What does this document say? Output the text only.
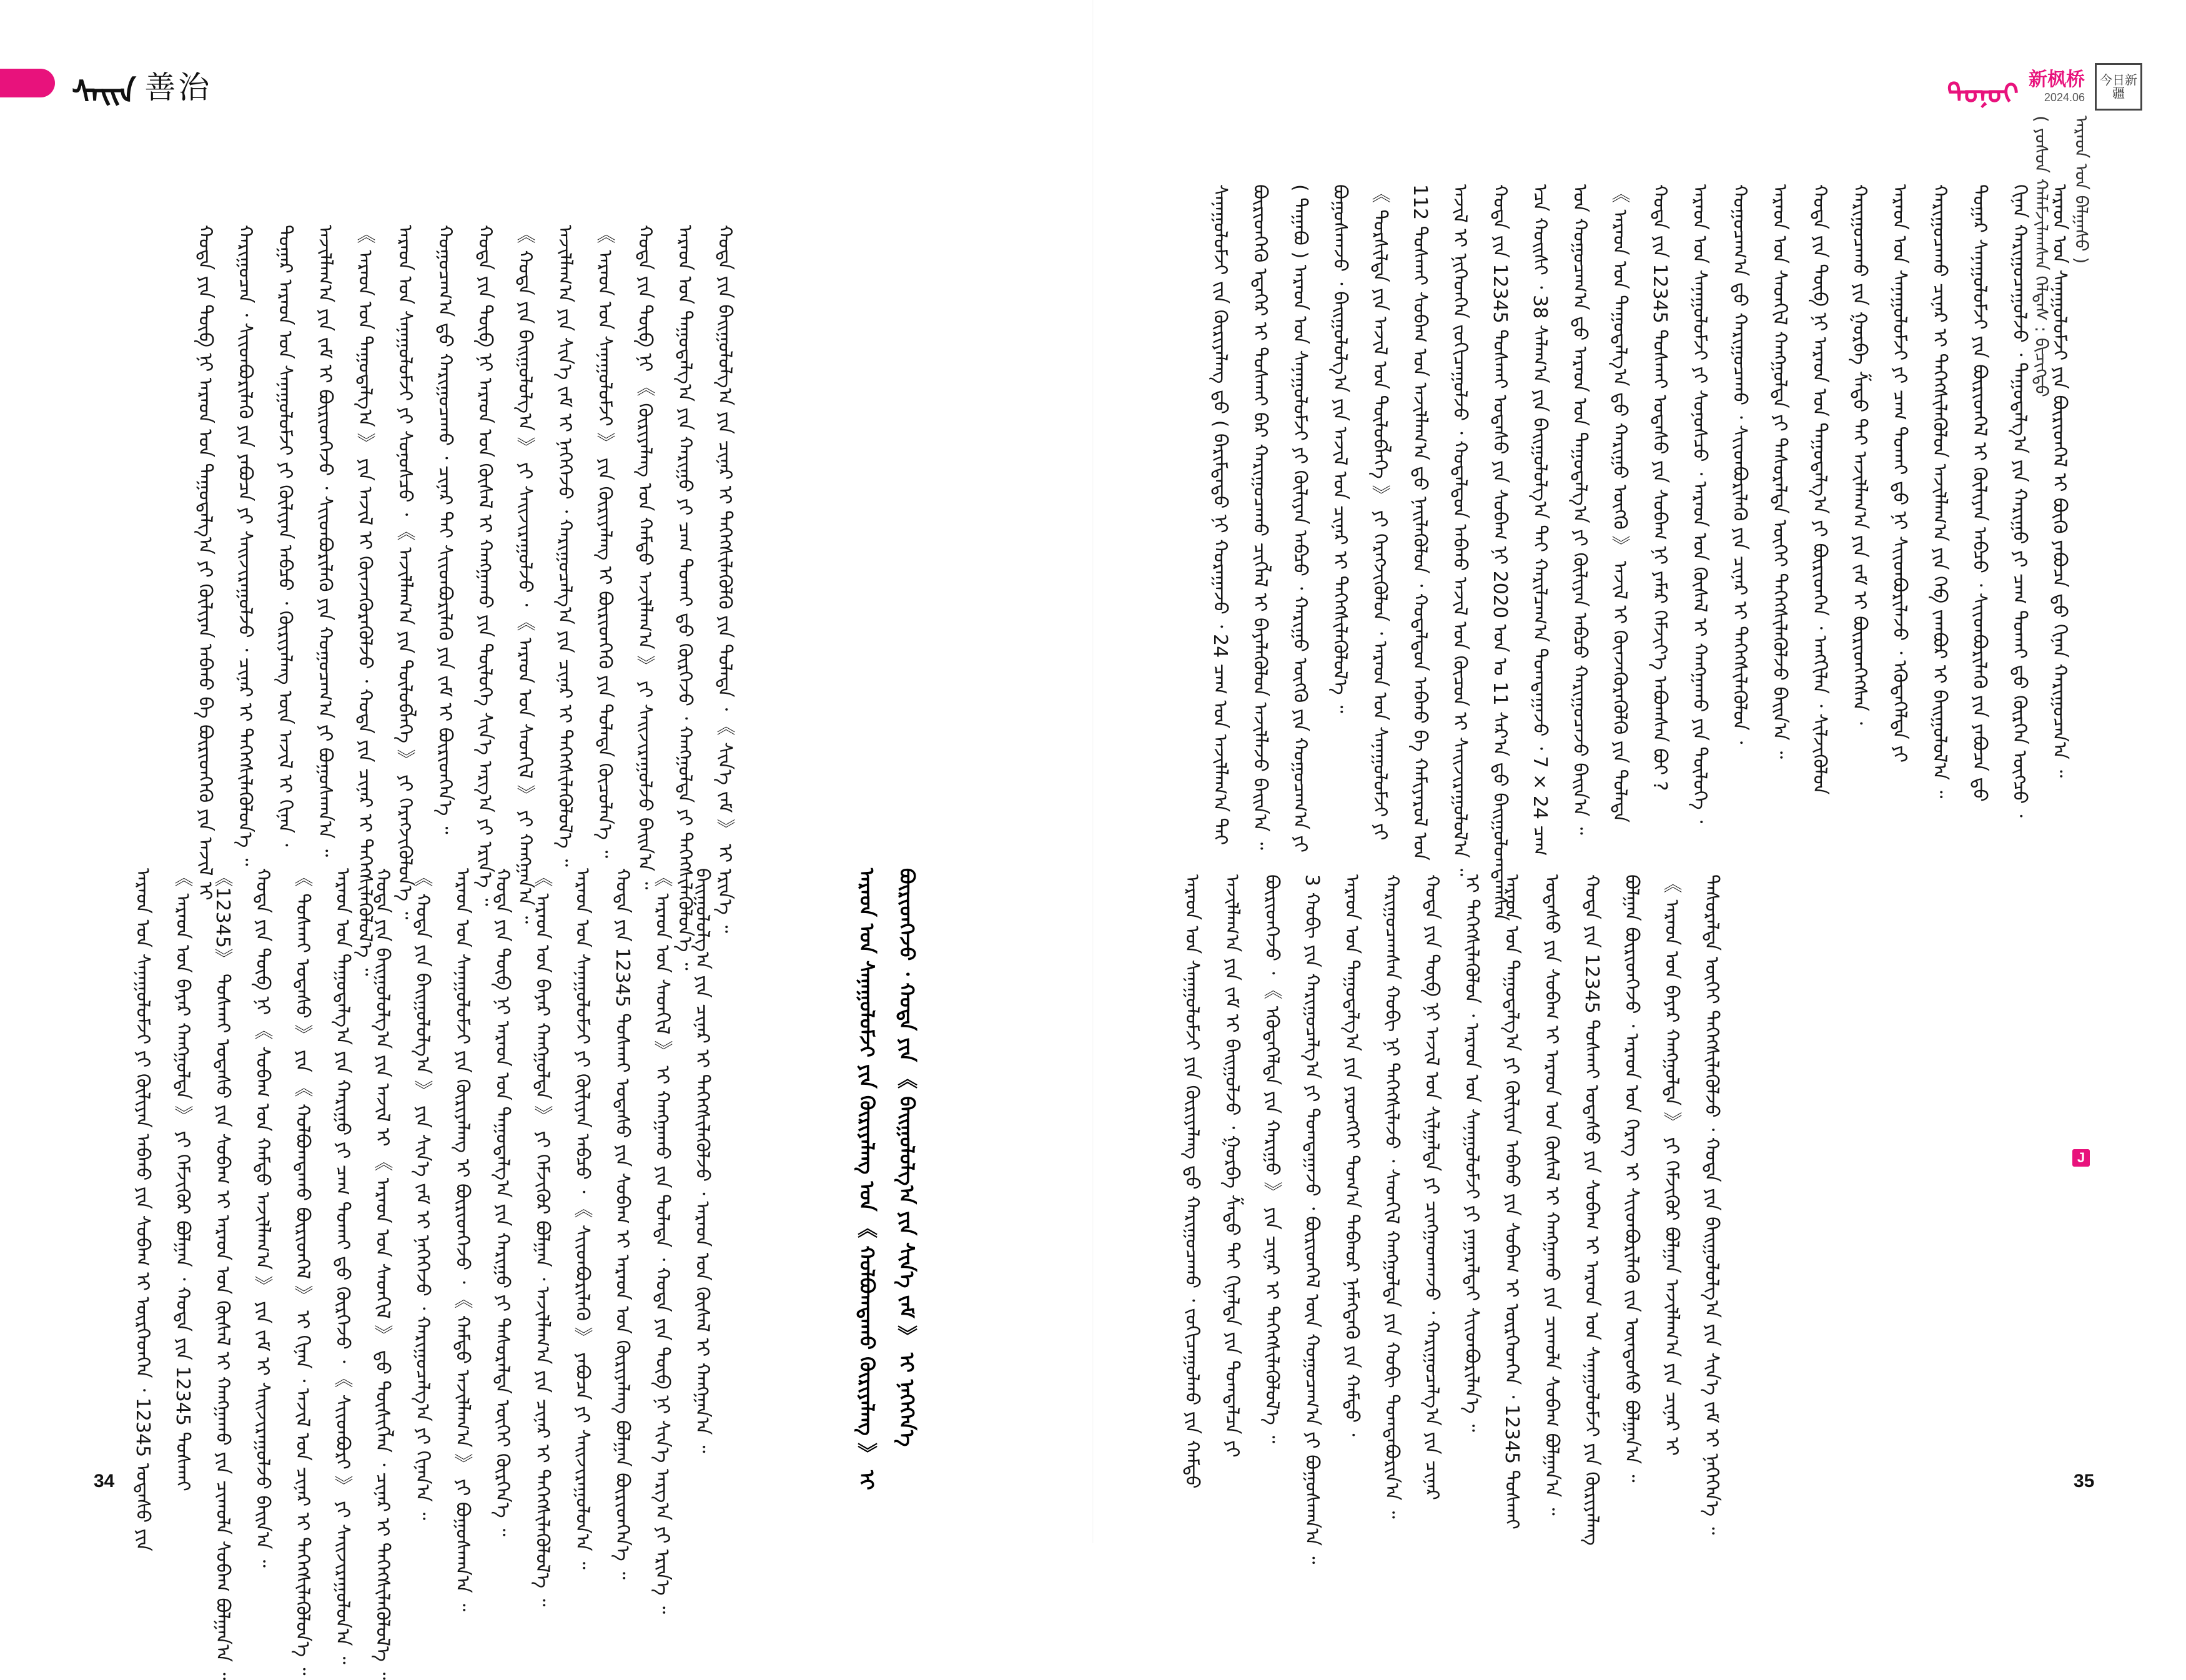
ᠰᠠᠢᠨ 善治	ᠳᠤᠨᠤᠢ 新枫桥
2024.06
今日新疆
( ᠶᠣᠰᠣᠨ ᠬᠠᠯᠠᠮᠵᠢᠯᠠᠭᠰᠠᠨ ᠬᠡᠯᠳᠡᠰ : ᠪᠢᠴᠢᠭ᠌ᠳᠦ ᠠᠷᠠᠳ ᠤᠨ ᠪᠠᠯᠭᠠᠰᠤ )
J
ᠰᠠᠨᠠᠭᠤᠯᠤᠮᠵᠢ ᠵᠢᠨ ᠬᠦᠷᠢᠶᠡᠯᠡᠩ ᠳ᠋ᠤ ( ᠪᠠᠷᠢᠮᠲᠠᠳᠤ ᠨᠢ ᠬᠤᠷᠠᠭᠠᠵᠤ ᠂ 24 ᠴᠠᠭ ᠤᠨ ᠠᠵᠢᠯᠯᠠᠭ᠎ᠠ ᠲᠠᠢ ᠪᠦᠷᠢᠳᠬᠡᠬᠦ ᠡᠳᠡᠭᠡᠷ ᠢ ᠲᠤᠰᠬᠠᠢ ᠪᠡᠷ ᠬᠠᠷᠢᠭᠤᠴᠠᠬᠤ ᠴᠢᠭᠯᠡᠯ ᠢ ᠪᠡᠶᠡᠯᠡᠭᠦᠯᠦᠨ ᠠᠵᠢᠯᠯᠠᠵᠤ ᠪᠠᠢᠨ᠎ᠠ ᠃ ( ᠲᠠᠭᠠᠪᠤ ) ᠠᠷᠠᠳ ᠤᠨ ᠰᠠᠨᠠᠭᠤᠯᠤᠮᠵᠢ ᠶᠢ ᠬᠦᠯᠢᠶᠡᠨ ᠠᠪᠴᠤ ᠂ ᠬᠠᠷᠢᠭᠤ ᠦᠭᠬᠦ ᠶᠢᠨ ᠬᠤᠭᠤᠴᠠᠭ᠎ᠠ ᠶᠢ ᠪᠤᠭᠤᠰᠬᠠᠵᠤ ᠂ ᠪᠠᠢᠭᠤᠯᠤᠯᠭ᠎ᠠ ᠶᠢᠨ ᠠᠵᠢᠯ ᠤᠨ ᠴᠢᠨᠠᠷ ᠢ ᠳᠡᠭᠡᠭᠰᠢᠯᠡᠭᠦᠯᠦᠯ᠎ᠡ ᠃ 《 ᠲᠤᠷᠰᠢᠯᠲᠠ ᠶᠢᠨ ᠠᠵᠢᠯ ᠤᠨ ᠲᠦᠯᠦᠪᠯᠡᠭᠡ 》 ᠶᠢ ᠬᠡᠷᠡᠭᠵᠢᠭᠦᠯᠦᠨ ᠂ ᠠᠷᠠᠳ ᠤᠨ ᠰᠠᠨᠠᠭᠤᠯᠤᠮᠵᠢ ᠶᠢ 112 ᠲᠤᠰᠬᠠᠢ ᠰᠤᠪᠠᠭ ᠤᠨ ᠠᠵᠢᠯᠯᠠᠭ᠎ᠠ ᠳ᠋ᠤ ᠨᠡᠢᠯᠡᠭᠦᠯᠦᠨ ᠂ ᠬᠤᠳᠠᠯᠳᠤᠨ ᠠᠪᠬᠤ ᠪᠠ ᠬᠠᠮᠢᠶᠠᠷᠤᠯ ᠤᠨ ᠠᠵᠢᠯ ᠢ ᠨᠢᠭᠡᠳᠬᠡᠨ ᠵᠣᠬᠢᠴᠠᠭᠤᠯᠵᠤ ᠂ ᠬᠤᠳᠠᠯᠳᠤᠨ ᠠᠪᠬᠤ ᠠᠵᠢᠯ ᠤᠨ ᠬᠦᠴᠦᠨ ᠢ ᠰᠠᠢᠵᠢᠷᠠᠭᠤᠯᠤᠯ᠎ᠠ ᠃ ᠬᠤᠲᠠ ᠶᠢᠨ 12345 ᠲᠤᠰᠬᠠᠢ ᠤᠲᠠᠰᠤ ᠶᠢᠨ ᠰᠤᠪᠠᠭ ᠨᠢ 2020 ᠤᠨ ᠤ 11 ᠰᠠᠷ᠎ᠠ ᠳ᠋ᠤ ᠪᠠᠢᠭᠤᠯᠤᠭᠳᠠᠭᠰᠠᠨ ᠡᠴᠡ ᠬᠤᠢᠰᠢ ᠂ 38 ᠰᠠᠯᠠᠭ᠎ᠠ ᠶᠢᠨ ᠪᠠᠢᠭᠤᠯᠤᠯᠭ᠎ᠠ ᠲᠠᠢ ᠬᠠᠷᠢᠯᠴᠠᠭ᠎ᠠ ᠲᠣᠭᠲᠠᠭᠠᠵᠤ ᠂ 7 × 24 ᠴᠠᠭ ᠤᠨ ᠬᠤᠭᠤᠴᠠᠭ᠎ᠠ ᠳ᠋ᠤ ᠠᠷᠠᠳ ᠤᠨ ᠳᠠᠭᠤᠳᠠᠯᠭ᠎ᠠ ᠶᠢ ᠬᠦᠯᠢᠶᠡᠨ ᠠᠪᠴᠤ ᠬᠠᠷᠢᠭᠤᠴᠠᠵᠤ ᠪᠠᠢᠨ᠎ᠠ ᠃ 《 ᠠᠷᠠᠳ ᠤᠨ ᠳᠠᠭᠤᠳᠠᠯᠭ᠎ᠠ ᠳ᠋ᠤ ᠬᠠᠷᠢᠭᠤ ᠦᠭᠬᠦ 》 ᠠᠵᠢᠯ ᠢ ᠭᠦᠨᠵᠡᠭᠦᠷᠡᠭᠦᠯᠬᠦ ᠶᠢᠨ ᠲᠤᠯᠠᠳᠠ ᠬᠤᠲᠠ ᠶᠢᠨ 12345 ᠲᠤᠰᠬᠠᠢ ᠤᠲᠠᠰᠤ ᠶᠢᠨ ᠰᠤᠪᠠᠭ ᠨᠢ ᠶᠠᠮᠠᠷ ᠬᠡᠮᠵᠢᠶ᠎ᠡ ᠠᠪᠤᠭᠰᠠᠨ ᠪᠤᠢ ? ᠠᠷᠠᠳ ᠤᠨ ᠰᠠᠨᠠᠭᠤᠯᠤᠮᠵᠢ ᠶᠢ ᠰᠣᠨᠤᠰᠴᠤ ᠂ ᠠᠷᠠᠳ ᠤᠨ ᠬᠦᠰᠡᠯ ᠢ ᠬᠠᠩᠭᠠᠬᠤ ᠶᠢᠨ ᠲᠥᠯᠥᠭᠡ ᠂ ᠬᠤᠭᠤᠴᠠᠭ᠎ᠠ ᠳ᠋ᠤ ᠬᠠᠷᠢᠭᠤᠴᠠᠬᠤ ᠂ ᠰᠢᠢᠳᠪᠦᠷᠢᠯᠡᠬᠦ ᠶᠢᠨ ᠴᠢᠨᠠᠷ ᠢ ᠳᠡᠭᠡᠭᠰᠢᠯᠡᠭᠦᠯᠦᠨ ᠂ ᠠᠷᠠᠳ ᠤᠨ ᠰᠡᠳᠬᠢᠯ ᠬᠠᠩᠭᠤᠯᠲᠠ ᠶᠢ ᠲᠠᠰᠤᠷᠠᠯᠲᠠ ᠦᠭᠡᠢ ᠳᠡᠭᠡᠭᠰᠢᠯᠡᠭᠦᠯᠵᠦ ᠪᠠᠢᠨ᠎ᠠ ᠃ ᠬᠤᠲᠠ ᠶᠢᠨ ᠲᠥᠪ ᠨᠢ ᠠᠷᠠᠳ ᠤᠨ ᠳᠠᠭᠤᠳᠠᠯᠭ᠎ᠠ ᠶᠢ ᠪᠦᠷᠢᠳᠬᠡᠨ ᠂ ᠠᠩᠭᠢᠯᠠᠨ ᠂ ᠰᠢᠯᠵᠢᠭᠦᠯᠦᠨ ᠬᠠᠷᠢᠭᠤᠴᠠᠬᠤ ᠶᠢᠨ ᠭᠤᠷᠪᠠ ᠱᠠᠲᠤ ᠲᠠᠢ ᠠᠵᠢᠯᠯᠠᠭ᠎ᠠ ᠶᠢᠨ ᠵᠠᠮ ᠢ ᠪᠦᠷᠢᠳᠬᠡᠭᠰᠡᠨ ᠂ ᠠᠷᠠᠳ ᠤᠨ ᠰᠠᠨᠠᠭᠤᠯᠤᠮᠵᠢ ᠶᠢ ᠴᠠᠭ ᠲᠤᠬᠠᠢ ᠳ᠋ᠤ ᠨᠢ ᠰᠢᠢᠳᠪᠦᠷᠢᠯᠡᠵᠦ ᠂ ᠡᠭᠦᠳᠡᠭᠡᠯᠲᠡ ᠶᠢ ᠬᠠᠷᠢᠭᠤᠴᠠᠬᠤ ᠴᠢᠨᠠᠷ ᠢ ᠳᠡᠭᠡᠭᠰᠢᠯᠡᠭᠦᠯᠦᠨ ᠠᠵᠢᠯᠯᠠᠭ᠎ᠠ ᠶᠢᠨ ᠬᠡᠪ ᠵᠠᠭᠪᠤᠷ ᠢ ᠪᠠᠢᠭᠤᠯᠤᠯ᠎ᠠ ᠃ ᠳᠤᠭᠠᠷ ᠰᠠᠨᠠᠭᠤᠯᠤᠮᠵᠢ ᠶᠢᠨ ᠪᠦᠷᠢᠳᠬᠡᠯ ᠢ ᠬᠦᠯᠢᠶᠡᠨ ᠠᠪᠴᠤ ᠂ ᠰᠢᠢᠳᠪᠦᠷᠢᠯᠡᠬᠦ ᠶᠢᠨ ᠶᠠᠪᠤᠴᠠ ᠳ᠋ᠤ ᠬᠢᠨᠠᠨ ᠬᠠᠷᠢᠭᠤᠴᠠᠭᠤᠯᠵᠤ ᠂ ᠳᠠᠭᠤᠳᠠᠯᠭ᠎ᠠ ᠶᠢᠨ ᠬᠠᠷᠢᠭᠤ ᠶᠢ ᠴᠠᠭ ᠲᠤᠬᠠᠢ ᠳ᠋ᠤ ᠬᠦᠷᠭᠡᠨ ᠦᠭᠴᠦ ᠂ ᠠᠷᠠᠳ ᠤᠨ ᠰᠠᠨᠠᠭᠤᠯᠤᠮᠵᠢ ᠶᠢᠨ ᠪᠦᠷᠢᠳᠬᠡᠯ ᠢ ᠪᠦᠬᠦ ᠶᠠᠪᠤᠴᠠ ᠳ᠋ᠤ ᠬᠢᠨᠠᠨ ᠬᠠᠷᠢᠭᠤᠴᠠᠨ᠎ᠠ ᠃
ᠠᠷᠠᠳ ᠤᠨ ᠰᠠᠨᠠᠭᠤᠯᠤᠮᠵᠢ ᠶᠢᠨ ᠬᠦᠷᠢᠶᠡᠯᠡᠩ ᠳ᠋ᠤ ᠬᠠᠷᠢᠭᠤᠴᠠᠬᠤ ᠂ ᠵᠣᠬᠢᠴᠠᠭᠤᠯᠬᠤ ᠶᠢᠨ ᠬᠠᠮᠲᠤ ᠠᠵᠢᠯᠯᠠᠭ᠎ᠠ ᠶᠢᠨ ᠵᠠᠮ ᠢ ᠪᠠᠢᠭᠤᠯᠵᠤ ᠂ ᠭᠤᠷᠪᠠ ᠱᠠᠲᠤ ᠲᠠᠢ ᠬᠢᠨᠠᠯᠲᠠ ᠶᠢᠨ ᠲᠣᠭᠲᠠᠯᠴᠠ ᠶᠢ ᠪᠦᠷᠢᠳᠬᠡᠵᠦ ᠂ 《 ᠡᠭᠦᠳᠡᠭᠡᠯᠲᠡ ᠶᠢᠨ ᠬᠠᠷᠢᠭᠤ 》 ᠶᠢᠨ ᠴᠢᠨᠠᠷ ᠢ ᠳᠡᠭᠡᠭᠰᠢᠯᠡᠭᠦᠯᠦᠯ᠎ᠡ ᠃ 3 ᠬᠤᠪᠢ ᠶᠢᠨ ᠬᠠᠷᠢᠭᠤᠴᠠᠯᠭ᠎ᠠ ᠶᠢ ᠲᠣᠭᠲᠠᠭᠠᠵᠤ ᠂ ᠪᠦᠷᠢᠳᠬᠡᠯ ᠦᠨ ᠬᠤᠭᠤᠴᠠᠭ᠎ᠠ ᠶᠢ ᠪᠤᠭᠤᠰᠬᠠᠨ᠎ᠠ ᠃ ᠠᠷᠠᠳ ᠤᠨ ᠳᠠᠭᠤᠳᠠᠯᠭ᠎ᠠ ᠶᠢᠨ ᠶᠡᠷᠦᠩᠬᠡᠢ ᠲᠣᠭ᠎ᠠ ᠳᠠᠪᠬᠤᠷ ᠨᠡᠮᠡᠭᠳᠡᠬᠦ ᠶᠢᠨ ᠬᠠᠮᠲᠤ ᠂ ᠬᠠᠷᠢᠭᠤᠴᠠᠭᠰᠠᠨ ᠬᠤᠪᠢ ᠨᠢ ᠳᠡᠭᠡᠭᠰᠢᠯᠡᠵᠦ ᠂ ᠰᠡᠳᠬᠢᠯ ᠬᠠᠩᠭᠤᠯᠲᠠ ᠶᠢᠨ ᠬᠤᠪᠢ ᠲᠣᠭᠲᠠᠪᠤᠷᠢᠨ᠎ᠠ ᠃ ᠬᠤᠲᠠ ᠶᠢᠨ ᠲᠥᠪ ᠨᠢ ᠠᠵᠢᠯ ᠤᠨ ᠰᠢᠯᠭᠠᠯᠲᠠ ᠶᠢ ᠴᠢᠩᠭᠠᠳᠬᠠᠵᠤ ᠂ ᠬᠠᠷᠢᠭᠤᠴᠠᠯᠭ᠎ᠠ ᠶᠢᠨ ᠴᠢᠨᠠᠷ ᠢ ᠳᠡᠭᠡᠭᠰᠢᠯᠡᠭᠦᠯᠦᠨ ᠂ ᠠᠷᠠᠳ ᠤᠨ ᠰᠠᠨᠠᠭᠤᠯᠤᠮᠵᠢ ᠶᠢ ᠶᠠᠭᠠᠷᠠᠯᠲᠠᠢ ᠰᠢᠢᠳᠪᠦᠷᠢᠯᠡᠨ᠎ᠡ ᠃ ᠠᠷᠠᠳ ᠤᠨ ᠳᠠᠭᠤᠳᠠᠯᠭ᠎ᠠ ᠶᠢ ᠬᠦᠯᠢᠶᠡᠨ ᠠᠪᠬᠤ ᠶᠢᠨ ᠰᠤᠪᠠᠭ ᠢ ᠥᠷᠭᠡᠳᠬᠡᠨ ᠂ 12345 ᠲᠤᠰᠬᠠᠢ ᠤᠲᠠᠰᠤ ᠶᠢᠨ ᠰᠤᠪᠠᠭ ᠢ ᠠᠷᠠᠳ ᠤᠨ ᠬᠦᠰᠡᠯ ᠢ ᠬᠠᠩᠭᠠᠬᠤ ᠶᠢᠨ ᠴᠢᠬᠤᠯᠠ ᠰᠤᠪᠠᠭ ᠪᠣᠯᠭᠠᠨ᠎ᠠ ᠃ ᠬᠤᠲᠠ ᠶᠢᠨ 12345 ᠲᠤᠰᠬᠠᠢ ᠤᠲᠠᠰᠤ ᠶᠢᠨ ᠰᠤᠪᠠᠭ ᠢ ᠠᠷᠠᠳ ᠤᠨ ᠰᠠᠨᠠᠭᠤᠯᠤᠮᠵᠢ ᠶᠢᠨ ᠬᠦᠷᠢᠶᠡᠯᠡᠩ ᠪᠣᠯᠭᠠᠨ ᠪᠦᠷᠢᠳᠬᠡᠵᠦ ᠂ ᠠᠷᠠᠳ ᠤᠨ ᠬᠡᠷᠡᠭ ᠢ ᠰᠢᠢᠳᠪᠦᠷᠢᠯᠡᠬᠦ ᠵᠢᠨ ᠦᠨᠳᠦᠰᠦ ᠪᠣᠯᠭᠠᠨ᠎ᠠ ᠃ 《 ᠠᠷᠠᠳ ᠤᠨ ᠪᠠᠶᠠᠷ ᠬᠠᠩᠭᠤᠯᠲᠠ 》 ᠶᠢ ᠬᠡᠮᠵᠢᠭᠦᠷ ᠪᠣᠯᠭᠠᠨ ᠠᠵᠢᠯᠯᠠᠭ᠎ᠠ ᠶᠢᠨ ᠴᠢᠨᠠᠷ ᠢ ᠲᠠᠰᠤᠷᠠᠯᠲᠠ ᠦᠭᠡᠢ ᠳᠡᠭᠡᠭᠰᠢᠯᠡᠭᠦᠯᠵᠦ ᠂ ᠬᠤᠲᠠ ᠶᠢᠨ ᠪᠠᠢᠭᠤᠯᠤᠯᠭ᠎ᠠ ᠶᠢᠨ ᠰᠢᠨ᠎ᠡ ᠵᠠᠮ ᠢ ᠨᠡᠭᠡᠭᠡᠨ᠎ᠡ ᠃
ᠬᠤᠲᠠ ᠶᠢᠨ ᠲᠥᠪ ᠨᠢ ᠠᠷᠠᠳ ᠤᠨ ᠳᠠᠭᠤᠳᠠᠯᠭ᠎ᠠ ᠶᠢ ᠬᠦᠯᠢᠶᠡᠨ ᠠᠪᠬᠤ ᠪᠠ ᠪᠦᠷᠢᠳᠬᠡᠬᠦ ᠶᠢᠨ ᠠᠵᠢᠯ ᠢ ᠬᠠᠷᠢᠭᠤᠴᠠᠨ ᠂ ᠰᠢᠢᠳᠪᠦᠷᠢᠯᠡᠬᠦ ᠶᠢᠨ ᠶᠠᠪᠤᠴᠠ ᠶᠢ ᠰᠠᠢᠵᠢᠷᠠᠭᠤᠯᠵᠤ ᠂ ᠴᠢᠨᠠᠷ ᠢ ᠳᠡᠭᠡᠭᠰᠢᠯᠡᠭᠦᠯᠦᠨ᠎ᠡ ᠃ ᠳᠤᠭᠠᠷ ᠠᠷᠠᠳ ᠤᠨ ᠰᠠᠨᠠᠭᠤᠯᠤᠮᠵᠢ ᠶᠢ ᠬᠦᠯᠢᠶᠡᠨ ᠠᠪᠴᠤ ᠂ ᠬᠦᠷᠢᠶᠡᠯᠡᠩ ᠦᠨ ᠠᠵᠢᠯ ᠢ ᠬᠢᠨᠠᠨ ᠂ ᠠᠵᠢᠯᠯᠠᠭ᠎ᠠ ᠶᠢᠨ ᠵᠠᠮ ᠢ ᠪᠦᠷᠢᠳᠬᠡᠵᠦ ᠂ ᠰᠢᠢᠳᠪᠦᠷᠢᠯᠡᠬᠦ ᠶᠢᠨ ᠬᠤᠭᠤᠴᠠᠭ᠎ᠠ ᠶᠢ ᠪᠤᠭᠤᠰᠬᠠᠨ᠎ᠠ ᠃ 《 ᠠᠷᠠᠳ ᠤᠨ ᠳᠠᠭᠤᠳᠠᠯᠭ᠎ᠠ 》 ᠶᠢᠨ ᠠᠵᠢᠯ ᠢ ᠭᠦᠨᠵᠡᠭᠦᠷᠡᠭᠦᠯᠵᠦ ᠂ ᠬᠤᠲᠠ ᠶᠢᠨ ᠴᠢᠨᠠᠷ ᠢ ᠳᠡᠭᠡᠭᠰᠢᠯᠡᠭᠦᠯᠦᠯ᠎ᠡ ᠃ ᠠᠷᠠᠳ ᠤᠨ ᠰᠠᠨᠠᠭᠤᠯᠤᠮᠵᠢ ᠶᠢ ᠰᠣᠨᠤᠰᠴᠤ ᠂ 《 ᠠᠵᠢᠯᠯᠠᠭ᠎ᠠ ᠶᠢᠨ ᠲᠦᠯᠦᠪᠯᠡᠭᠡ 》 ᠶᠢ ᠬᠡᠷᠡᠭᠵᠢᠭᠦᠯᠦᠨ᠎ᠡ ᠃ ᠬᠤᠭᠤᠴᠠᠭ᠎ᠠ ᠳ᠋ᠤ ᠬᠠᠷᠢᠭᠤᠴᠠᠬᠤ ᠂ ᠴᠢᠨᠠᠷ ᠲᠠᠢ ᠰᠢᠢᠳᠪᠦᠷᠢᠯᠡᠬᠦ ᠶᠢᠨ ᠵᠠᠮ ᠢ ᠪᠦᠷᠢᠳᠬᠡᠨ᠎ᠡ ᠃ ᠬᠤᠲᠠ ᠶᠢᠨ ᠲᠥᠪ ᠨᠢ ᠠᠷᠠᠳ ᠤᠨ ᠬᠦᠰᠡᠯ ᠢ ᠬᠠᠩᠭᠠᠬᠤ ᠶᠢᠨ ᠲᠥᠯᠥᠭᠡ ᠰᠢᠨ᠎ᠡ ᠠᠷᠭ᠎ᠠ ᠶᠢ ᠡᠷᠢᠨ᠎ᠡ ᠃ 《 ᠬᠤᠲᠠ ᠶᠢᠨ ᠪᠠᠢᠭᠤᠯᠤᠯᠭ᠎ᠠ 》 ᠶᠢ ᠰᠠᠢᠵᠢᠷᠠᠭᠤᠯᠵᠤ ᠂ 《 ᠠᠷᠠᠳ ᠤᠨ ᠰᠡᠳᠬᠢᠯ 》 ᠶᠢ ᠬᠠᠩᠭᠠᠨ᠎ᠠ ᠃ ᠠᠵᠢᠯᠯᠠᠭ᠎ᠠ ᠶᠢᠨ ᠰᠢᠨ᠎ᠡ ᠵᠠᠮ ᠢ ᠨᠡᠭᠡᠭᠡᠵᠦ ᠂ ᠬᠠᠷᠢᠭᠤᠴᠠᠯᠭ᠎ᠠ ᠶᠢᠨ ᠴᠢᠨᠠᠷ ᠢ ᠳᠡᠭᠡᠭᠰᠢᠯᠡᠭᠦᠯᠦᠯ᠎ᠡ ᠃ 《 ᠠᠷᠠᠳ ᠤᠨ ᠰᠠᠨᠠᠭᠤᠯᠤᠮᠵᠢ 》 ᠶᠢᠨ ᠬᠦᠷᠢᠶᠡᠯᠡᠩ ᠢ ᠪᠦᠷᠢᠳᠬᠡᠬᠦ ᠶᠢᠨ ᠲᠤᠯᠠᠳᠠ ᠬᠦᠴᠦᠯᠡᠨ᠎ᠡ ᠃ ᠬᠤᠲᠠ ᠶᠢᠨ ᠲᠥᠪ ᠨᠢ 《 ᠬᠦᠷᠢᠶᠡᠯᠡᠩ ᠤᠨ ᠬᠠᠮᠲᠤ ᠠᠵᠢᠯᠯᠠᠭ᠎ᠠ 》 ᠶᠢ ᠰᠠᠢᠵᠢᠷᠠᠭᠤᠯᠵᠤ ᠪᠠᠢᠨ᠎ᠠ ᠃ ᠠᠷᠠᠳ ᠤᠨ ᠳᠠᠭᠤᠳᠠᠯᠭ᠎ᠠ ᠶᠢᠨ ᠬᠠᠷᠢᠭᠤ ᠶᠢ ᠴᠠᠭ ᠲᠤᠬᠠᠢ ᠳ᠋ᠤ ᠬᠦᠷᠭᠡᠵᠦ ᠂ ᠬᠠᠩᠭᠤᠯᠲᠠ ᠶᠢ ᠳᠡᠭᠡᠭᠰᠢᠯᠡᠭᠦᠯᠦᠨ᠎ᠡ ᠃ ᠬᠤᠲᠠ ᠶᠢᠨ ᠪᠠᠢᠭᠤᠯᠤᠯᠭ᠎ᠠ ᠶᠢᠨ ᠴᠢᠨᠠᠷ ᠢ ᠳᠡᠭᠡᠭᠰᠢᠯᠡᠭᠦᠯᠬᠦ ᠶᠢᠨ ᠲᠤᠯᠠᠳᠠ ᠂ 《 ᠰᠢᠨ᠎ᠡ ᠵᠠᠮ 》 ᠢ ᠡᠷᠢᠨ᠎ᠡ ᠃
ᠠᠷᠠᠳ ᠤᠨ ᠰᠠᠨᠠᠭᠤᠯᠤᠮᠵᠢ ᠶᠢᠨ ᠬᠦᠷᠢᠶᠡᠯᠡᠩ ᠤᠨ 《 ᠬᠤᠯᠪᠤᠭᠳᠠᠬᠤ ᠬᠦᠷᠢᠶᠡᠯᠡᠩ 》 ᠢ ᠪᠦᠷᠢᠳᠬᠡᠵᠦ ᠂ ᠬᠤᠲᠠ ᠶᠢᠨ 《 ᠪᠠᠢᠭᠤᠯᠤᠯᠭ᠎ᠠ ᠶᠢᠨ ᠰᠢᠨ᠎ᠡ ᠵᠠᠮ 》 ᠢ ᠨᠡᠭᠡᠭᠡᠨ᠎ᠡ
ᠠᠷᠠᠳ ᠤᠨ ᠰᠠᠨᠠᠭᠤᠯᠤᠮᠵᠢ ᠶᠢ ᠬᠦᠯᠢᠶᠡᠨ ᠠᠪᠬᠤ ᠶᠢᠨ ᠰᠤᠪᠠᠭ ᠢ ᠥᠷᠭᠡᠳᠬᠡᠨ ᠂ 12345 ᠤᠲᠠᠰᠤ ᠶᠢᠨ 《 ᠠᠷᠠᠳ ᠤᠨ ᠪᠠᠶᠠᠷ ᠬᠠᠩᠭᠤᠯᠲᠠ 》 ᠶᠢ ᠬᠡᠮᠵᠢᠭᠦᠷ ᠪᠣᠯᠭᠠᠨ ᠂ ᠬᠤᠲᠠ ᠶᠢᠨ 12345 ᠲᠤᠰᠬᠠᠢ 《12345》 ᠲᠤᠰᠬᠠᠢ ᠤᠲᠠᠰᠤ ᠶᠢᠨ ᠰᠤᠪᠠᠭ ᠢ ᠠᠷᠠᠳ ᠤᠨ ᠬᠦᠰᠡᠯ ᠢ ᠬᠠᠩᠭᠠᠬᠤ ᠶᠢᠨ ᠴᠢᠬᠤᠯᠠ ᠰᠤᠪᠠᠭ ᠪᠣᠯᠭᠠᠨ᠎ᠠ ᠃ ᠬᠤᠲᠠ ᠶᠢᠨ ᠲᠥᠪ ᠨᠢ 《 ᠰᠤᠪᠠᠭ ᠤᠨ ᠬᠠᠮᠲᠤ ᠠᠵᠢᠯᠯᠠᠭ᠎ᠠ 》 ᠶᠢᠨ ᠵᠠᠮ ᠢ ᠰᠠᠢᠵᠢᠷᠠᠭᠤᠯᠵᠤ ᠪᠠᠢᠨ᠎ᠠ ᠃ 《 ᠲᠤᠰᠬᠠᠢ ᠤᠲᠠᠰᠤ 》 ᠶᠢᠨ 《 ᠬᠤᠯᠪᠤᠭᠳᠠᠬᠤ ᠪᠦᠷᠢᠳᠬᠡᠯ 》 ᠢ ᠬᠢᠨᠠᠨ ᠂ ᠠᠵᠢᠯ ᠤᠨ ᠴᠢᠨᠠᠷ ᠢ ᠳᠡᠭᠡᠭᠰᠢᠯᠡᠭᠦᠯᠦᠨ᠎ᠡ ᠃ ᠠᠷᠠᠳ ᠤᠨ ᠳᠠᠭᠤᠳᠠᠯᠭ᠎ᠠ ᠶᠢᠨ ᠬᠠᠷᠢᠭᠤ ᠶᠢ ᠴᠠᠭ ᠲᠤᠬᠠᠢ ᠳ᠋ᠤ ᠬᠦᠷᠭᠡᠵᠦ ᠂ 《 ᠰᠢᠢᠳᠪᠦᠷᠢ 》 ᠶᠢ ᠰᠠᠢᠵᠢᠷᠠᠭᠤᠯᠤᠨ᠎ᠠ ᠃ ᠬᠤᠲᠠ ᠶᠢᠨ ᠪᠠᠢᠭᠤᠯᠤᠯᠭ᠎ᠠ ᠶᠢᠨ ᠠᠵᠢᠯ ᠢ 《 ᠠᠷᠠᠳ ᠤᠨ ᠰᠡᠳᠬᠢᠯ 》 ᠳ᠋ᠤ ᠲᠦᠰᠢᠭᠯᠡᠨ ᠂ ᠴᠢᠨᠠᠷ ᠢ ᠳᠡᠭᠡᠭᠰᠢᠯᠡᠭᠦᠯᠦᠯ᠎ᠡ ᠃ 《 ᠬᠤᠲᠠ ᠶᠢᠨ ᠪᠠᠢᠭᠤᠯᠤᠯᠭ᠎ᠠ 》 ᠶᠢᠨ ᠰᠢᠨ᠎ᠡ ᠵᠠᠮ ᠢ ᠨᠡᠭᠡᠭᠡᠵᠦ ᠂ ᠬᠠᠷᠢᠭᠤᠴᠠᠯᠭ᠎ᠠ ᠶᠢ ᠬᠢᠨᠠᠨ᠎ᠠ ᠃ ᠠᠷᠠᠳ ᠤᠨ ᠰᠠᠨᠠᠭᠤᠯᠤᠮᠵᠢ ᠶᠢᠨ ᠬᠦᠷᠢᠶᠡᠯᠡᠩ ᠢ ᠪᠦᠷᠢᠳᠬᠡᠵᠦ ᠂ 《 ᠬᠠᠮᠲᠤ ᠠᠵᠢᠯᠯᠠᠭ᠎ᠠ 》 ᠶᠢ ᠪᠤᠭᠤᠰᠬᠠᠨ᠎ᠠ ᠃ ᠬᠤᠲᠠ ᠶᠢᠨ ᠲᠥᠪ ᠨᠢ ᠠᠷᠠᠳ ᠤᠨ ᠳᠠᠭᠤᠳᠠᠯᠭ᠎ᠠ ᠶᠢᠨ ᠬᠠᠷᠢᠭᠤ ᠶᠢ ᠲᠠᠰᠤᠷᠠᠯᠲᠠ ᠦᠭᠡᠢ ᠬᠦᠷᠭᠡᠨ᠎ᠡ ᠃ 《 ᠠᠷᠠᠳ ᠤᠨ ᠪᠠᠶᠠᠷ ᠬᠠᠩᠭᠤᠯᠲᠠ 》 ᠶᠢ ᠬᠡᠮᠵᠢᠭᠦᠷ ᠪᠣᠯᠭᠠᠨ ᠂ ᠠᠵᠢᠯᠯᠠᠭ᠎ᠠ ᠶᠢᠨ ᠴᠢᠨᠠᠷ ᠢ ᠳᠡᠭᠡᠭᠰᠢᠯᠡᠭᠦᠯᠦᠯ᠎ᠡ ᠃ ᠠᠷᠠᠳ ᠤᠨ ᠰᠠᠨᠠᠭᠤᠯᠤᠮᠵᠢ ᠶᠢ ᠬᠦᠯᠢᠶᠡᠨ ᠠᠪᠴᠤ ᠂ 《 ᠰᠢᠢᠳᠪᠦᠷᠢᠯᠡᠬᠦ 》 ᠶᠠᠪᠤᠴᠠ ᠶᠢ ᠰᠠᠢᠵᠢᠷᠠᠭᠤᠯᠤᠨ᠎ᠠ ᠃ ᠬᠤᠲᠠ ᠶᠢᠨ 12345 ᠲᠤᠰᠬᠠᠢ ᠤᠲᠠᠰᠤ ᠶᠢᠨ ᠰᠤᠪᠠᠭ ᠢ ᠠᠷᠠᠳ ᠤᠨ ᠬᠦᠷᠢᠶᠡᠯᠡᠩ ᠪᠣᠯᠭᠠᠨ ᠪᠦᠷᠢᠳᠬᠡᠨ᠎ᠡ ᠃ 《 ᠠᠷᠠᠳ ᠤᠨ ᠰᠡᠳᠬᠢᠯ 》 ᠢ ᠬᠠᠩᠭᠠᠬᠤ ᠶᠢᠨ ᠲᠤᠯᠠᠳᠠ ᠂ ᠬᠤᠲᠠ ᠶᠢᠨ ᠲᠥᠪ ᠨᠢ ᠰᠢᠨ᠎ᠡ ᠠᠷᠭ᠎ᠠ ᠶᠢ ᠡᠷᠢᠨ᠎ᠡ ᠃ ᠪᠠᠢᠭᠤᠯᠤᠯᠭ᠎ᠠ ᠶᠢᠨ ᠴᠢᠨᠠᠷ ᠢ ᠳᠡᠭᠡᠭᠰᠢᠯᠡᠭᠦᠯᠵᠦ ᠂ ᠠᠷᠠᠳ ᠤᠨ ᠬᠦᠰᠡᠯ ᠢ ᠬᠠᠩᠭᠠᠨ᠎ᠠ ᠃
34	35
